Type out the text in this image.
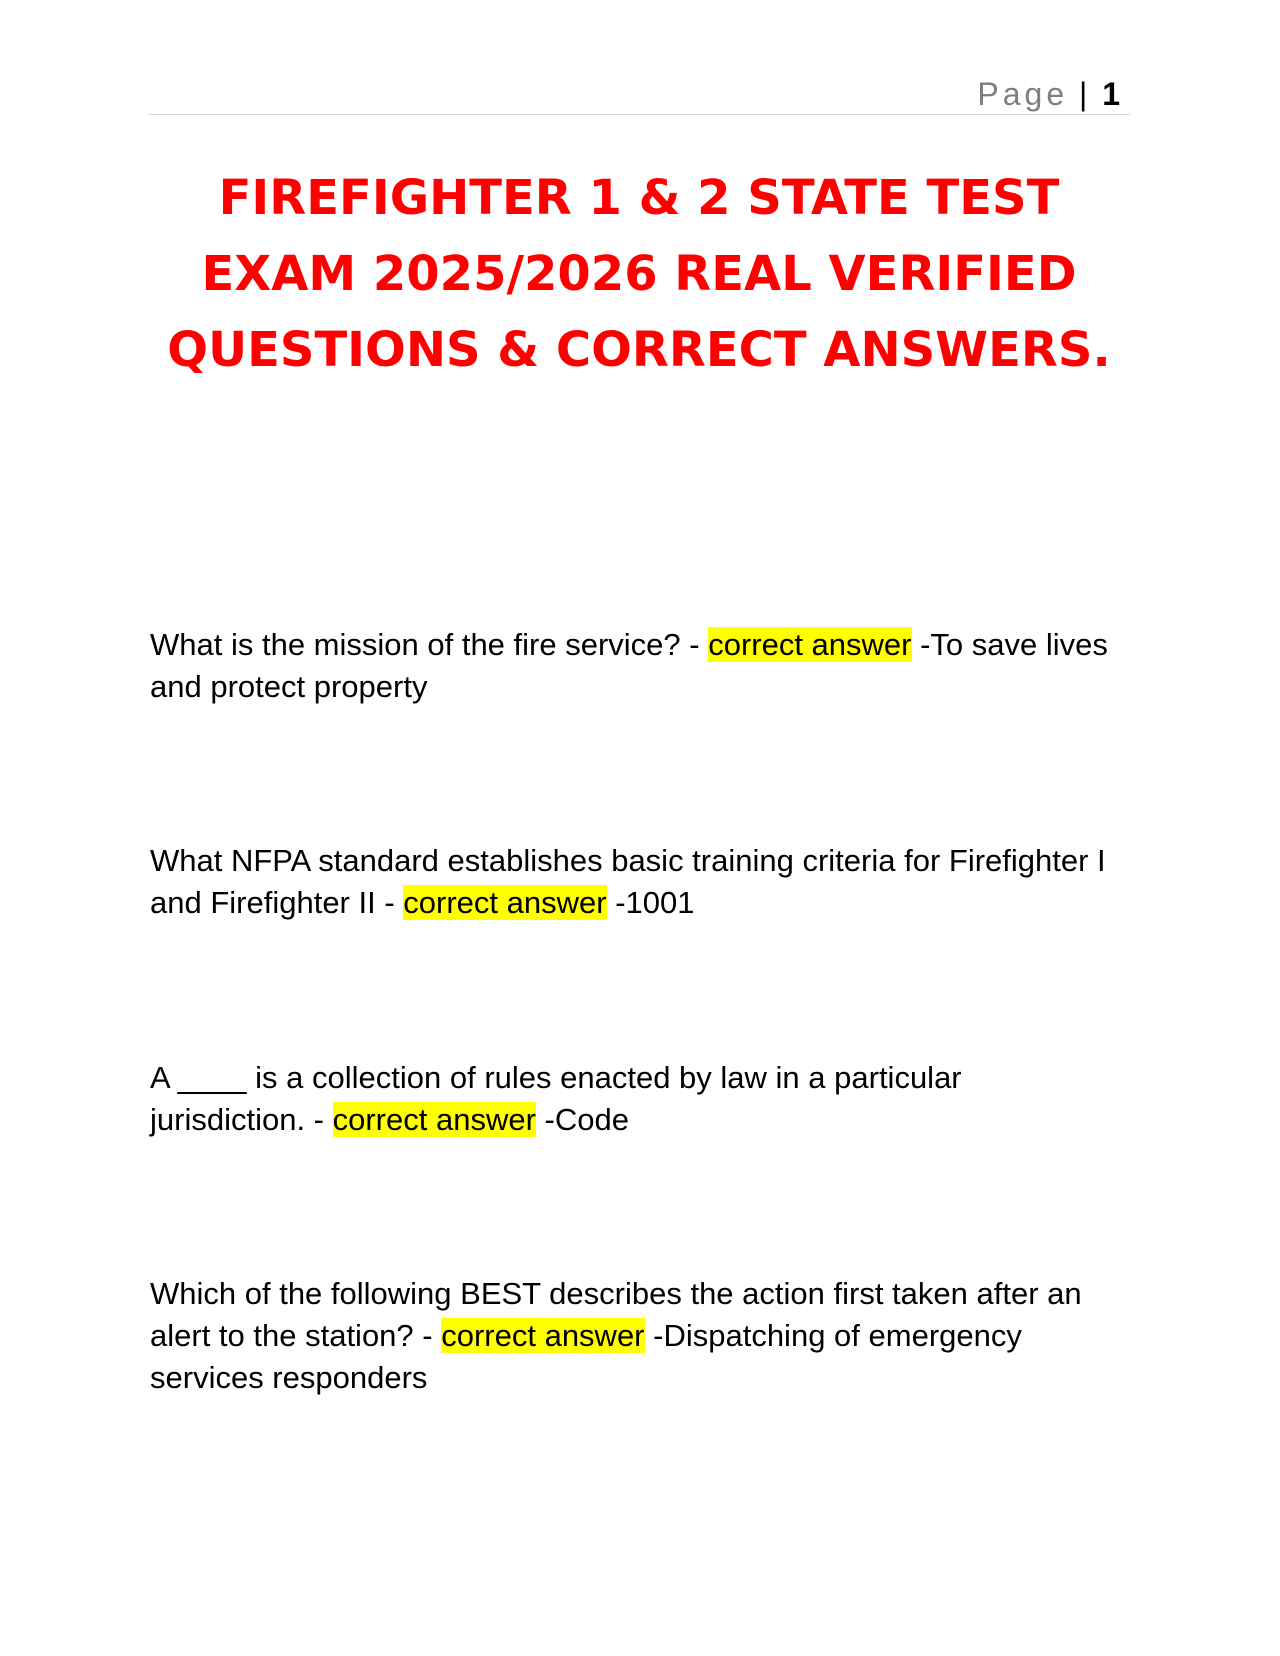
Page | 1
FIREFIGHTER 1 & 2 STATE TEST EXAM 2025/2026 REAL VERIFIED QUESTIONS & CORRECT ANSWERS.

What is the mission of the fire service? - correct answer -To save lives and protect property

What NFPA standard establishes basic training criteria for Firefighter I and Firefighter II - correct answer -1001

A ____ is a collection of rules enacted by law in a particular jurisdiction. - correct answer -Code

Which of the following BEST describes the action first taken after an alert to the station? - correct answer -Dispatching of emergency services responders
